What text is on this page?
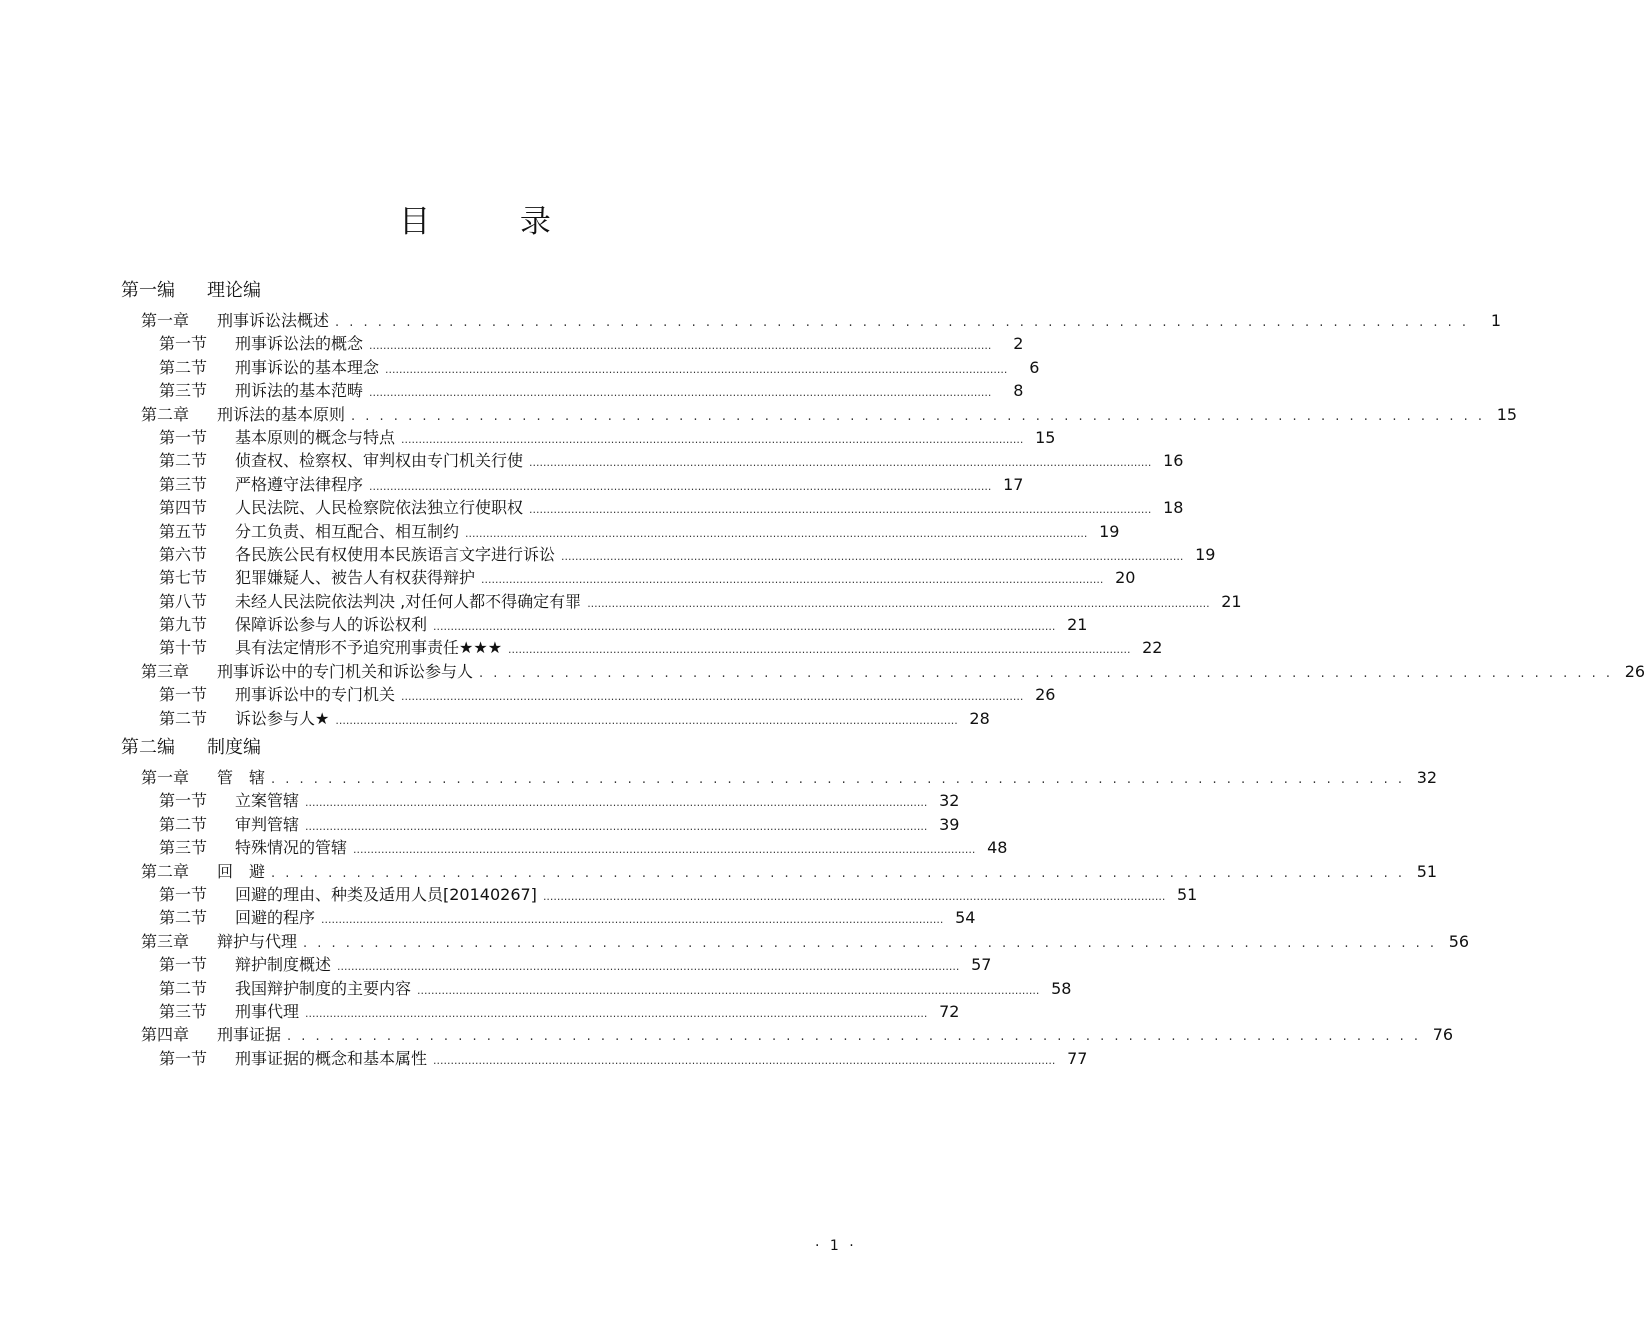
目 录
第一编	理论编
第一章	刑事诉讼法概述 . . . . . . . . . . . . . . . . . . . . . . . . . . . . . . . . . . . . . . . . . . . . . . . . . . . . . . . . . . . . . . . . . . . . . . . . . . . . . . . .	1
第一节	刑事诉讼法的概念 ..................................................................................................................................................................................	2
第二节	刑事诉讼的基本理念 ..................................................................................................................................................................................	6
第三节	刑诉法的基本范畴 ..................................................................................................................................................................................	8
第二章	刑诉法的基本原则 . . . . . . . . . . . . . . . . . . . . . . . . . . . . . . . . . . . . . . . . . . . . . . . . . . . . . . . . . . . . . . . . . . . . . . . . . . . . . . . . 15
第一节	基本原则的概念与特点 .................................................................................................................................................................................. 15
第二节	侦查权、检察权、审判权由专门机关行使 .................................................................................................................................................................................. 16
第三节	严格遵守法律程序 .................................................................................................................................................................................. 17
第四节	人民法院、人民检察院依法独立行使职权 .................................................................................................................................................................................. 18
第五节	分工负责、相互配合、相互制约 .................................................................................................................................................................................. 19
第六节	各民族公民有权使用本民族语言文字进行诉讼 .................................................................................................................................................................................. 19
第七节	犯罪嫌疑人、被告人有权获得辩护 .................................................................................................................................................................................. 20
第八节	未经人民法院依法判决 ,对任何人都不得确定有罪 .................................................................................................................................................................................. 21
第九节	保障诉讼参与人的诉讼权利 .................................................................................................................................................................................. 21
第十节	具有法定情形不予追究刑事责任★★★ .................................................................................................................................................................................. 22
第三章	刑事诉讼中的专门机关和诉讼参与人 . . . . . . . . . . . . . . . . . . . . . . . . . . . . . . . . . . . . . . . . . . . . . . . . . . . . . . . . . . . . . . . . . . . . . . . . . . . . . . . . 26
第一节	刑事诉讼中的专门机关 .................................................................................................................................................................................. 26
第二节	诉讼参与人★ .................................................................................................................................................................................. 28
第二编	制度编
第一章	管　辖 . . . . . . . . . . . . . . . . . . . . . . . . . . . . . . . . . . . . . . . . . . . . . . . . . . . . . . . . . . . . . . . . . . . . . . . . . . . . . . . . 32
第一节	立案管辖 .................................................................................................................................................................................. 32
第二节	审判管辖 .................................................................................................................................................................................. 39
第三节	特殊情况的管辖 .................................................................................................................................................................................. 48
第二章	回　避 . . . . . . . . . . . . . . . . . . . . . . . . . . . . . . . . . . . . . . . . . . . . . . . . . . . . . . . . . . . . . . . . . . . . . . . . . . . . . . . . 51
第一节	回避的理由、种类及适用人员[20140267] .................................................................................................................................................................................. 51
第二节	回避的程序 .................................................................................................................................................................................. 54
第三章	辩护与代理 . . . . . . . . . . . . . . . . . . . . . . . . . . . . . . . . . . . . . . . . . . . . . . . . . . . . . . . . . . . . . . . . . . . . . . . . . . . . . . . . 56
第一节	辩护制度概述 .................................................................................................................................................................................. 57
第二节	我国辩护制度的主要内容 .................................................................................................................................................................................. 58
第三节	刑事代理 .................................................................................................................................................................................. 72
第四章	刑事证据 . . . . . . . . . . . . . . . . . . . . . . . . . . . . . . . . . . . . . . . . . . . . . . . . . . . . . . . . . . . . . . . . . . . . . . . . . . . . . . . . 76
第一节	刑事证据的概念和基本属性 .................................................................................................................................................................................. 77
· 1 ·
